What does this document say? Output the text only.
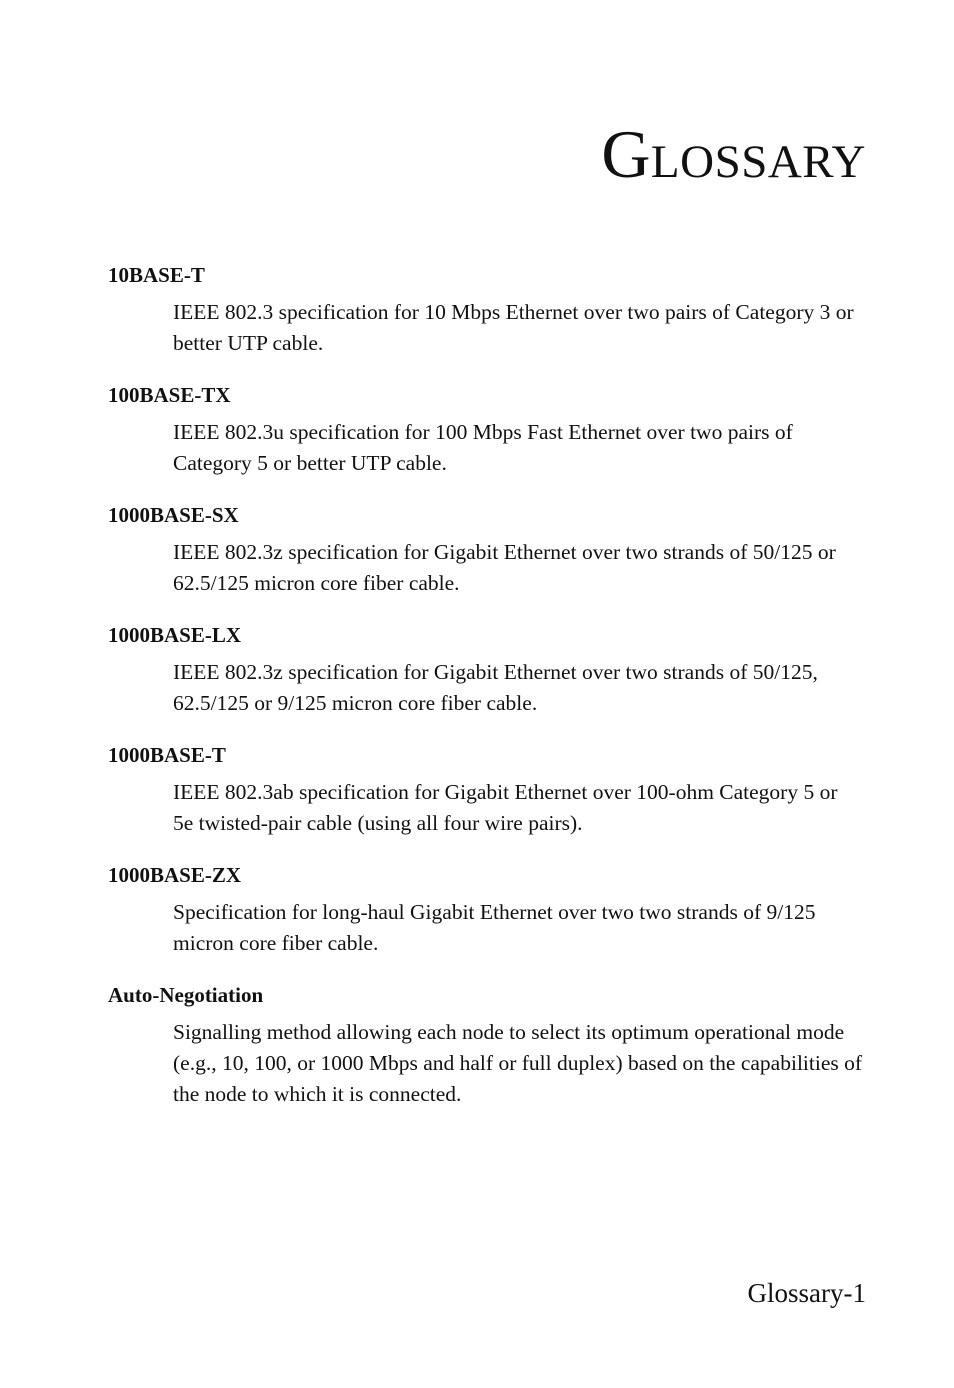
GLOSSARY

10BASE-T

IEEE 802.3 specification for 10 Mbps Ethernet over two pairs of Category 3 or better UTP cable.

100BASE-TX

IEEE 802.3u specification for 100 Mbps Fast Ethernet over two pairs of Category 5 or better UTP cable.

1000BASE-SX

IEEE 802.3z specification for Gigabit Ethernet over two strands of 50/125 or 62.5/125 micron core fiber cable.

1000BASE-LX

IEEE 802.3z specification for Gigabit Ethernet over two strands of 50/125, 62.5/125 or 9/125 micron core fiber cable.

1000BASE-T

IEEE 802.3ab specification for Gigabit Ethernet over 100-ohm Category 5 or 5e twisted-pair cable (using all four wire pairs).

1000BASE-ZX

Specification for long-haul Gigabit Ethernet over two two strands of 9/125 micron core fiber cable.

Auto-Negotiation

Signalling method allowing each node to select its optimum operational mode (e.g., 10, 100, or 1000 Mbps and half or full duplex) based on the capabilities of the node to which it is connected.

Glossary-1
